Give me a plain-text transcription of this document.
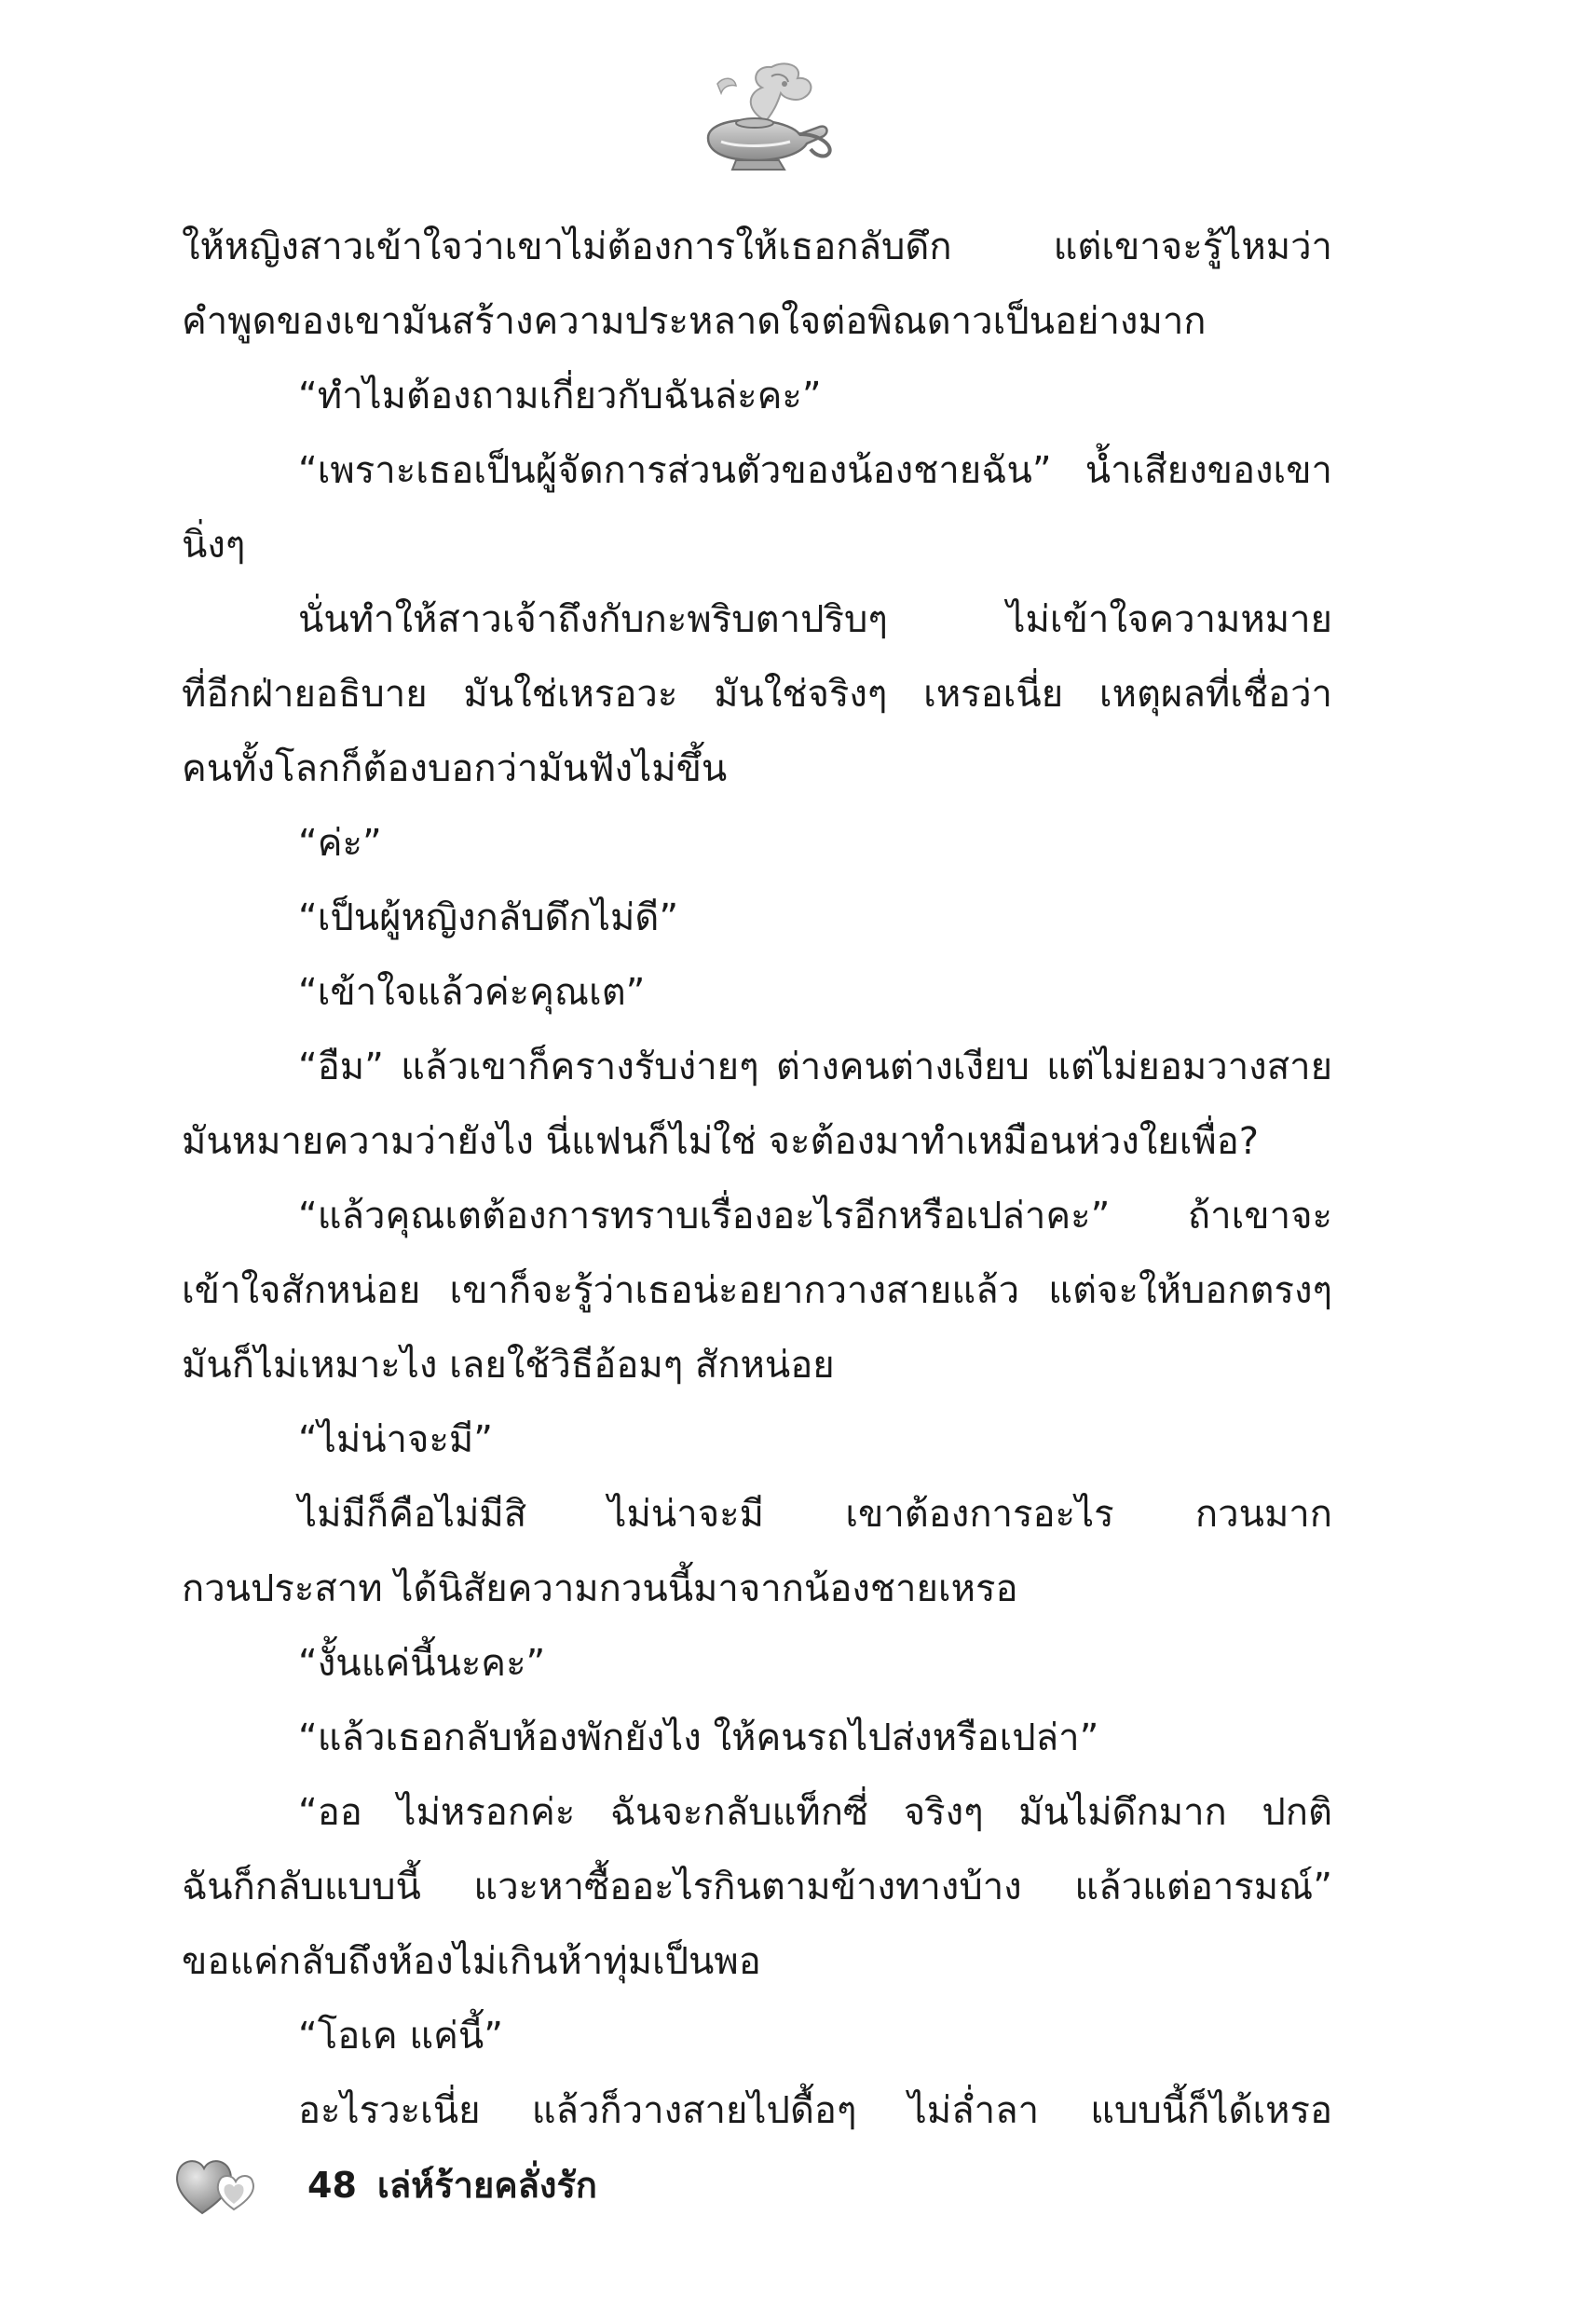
ให้หญิงสาวเข้าใจว่าเขาไม่ต้องการให้เธอกลับดึก แต่เขาจะรู้ไหมว่า
คำพูดของเขามันสร้างความประหลาดใจต่อพิณดาวเป็นอย่างมาก
“ทำไมต้องถามเกี่ยวกับฉันล่ะคะ”
“เพราะเธอเป็นผู้จัดการส่วนตัวของน้องชายฉัน” น้ำเสียงของเขา
นิ่งๆ
นั่นทำให้สาวเจ้าถึงกับกะพริบตาปริบๆ ไม่เข้าใจความหมาย
ที่อีกฝ่ายอธิบาย มันใช่เหรอวะ มันใช่จริงๆ เหรอเนี่ย เหตุผลที่เชื่อว่า
คนทั้งโลกก็ต้องบอกว่ามันฟังไม่ขึ้น
“ค่ะ”
“เป็นผู้หญิงกลับดึกไม่ดี”
“เข้าใจแล้วค่ะคุณเต”
“อืม” แล้วเขาก็ครางรับง่ายๆ ต่างคนต่างเงียบ แต่ไม่ยอมวางสาย
มันหมายความว่ายังไง นี่แฟนก็ไม่ใช่ จะต้องมาทำเหมือนห่วงใยเพื่อ?
“แล้วคุณเตต้องการทราบเรื่องอะไรอีกหรือเปล่าคะ” ถ้าเขาจะ
เข้าใจสักหน่อย เขาก็จะรู้ว่าเธอน่ะอยากวางสายแล้ว แต่จะให้บอกตรงๆ
มันก็ไม่เหมาะไง เลยใช้วิธีอ้อมๆ สักหน่อย
“ไม่น่าจะมี”
ไม่มีก็คือไม่มีสิ ไม่น่าจะมี เขาต้องการอะไร กวนมาก
กวนประสาท ได้นิสัยความกวนนี้มาจากน้องชายเหรอ
“งั้นแค่นี้นะคะ”
“แล้วเธอกลับห้องพักยังไง ให้คนรถไปส่งหรือเปล่า”
“ออ ไม่หรอกค่ะ ฉันจะกลับแท็กซี่ จริงๆ มันไม่ดึกมาก ปกติ
ฉันก็กลับแบบนี้ แวะหาซื้ออะไรกินตามข้างทางบ้าง แล้วแต่อารมณ์”
ขอแค่กลับถึงห้องไม่เกินห้าทุ่มเป็นพอ
“โอเค แค่นี้”
อะไรวะเนี่ย แล้วก็วางสายไปดื้อๆ ไม่ล่ำลา แบบนี้ก็ได้เหรอ
48 เล่ห์ร้ายคลั่งรัก
